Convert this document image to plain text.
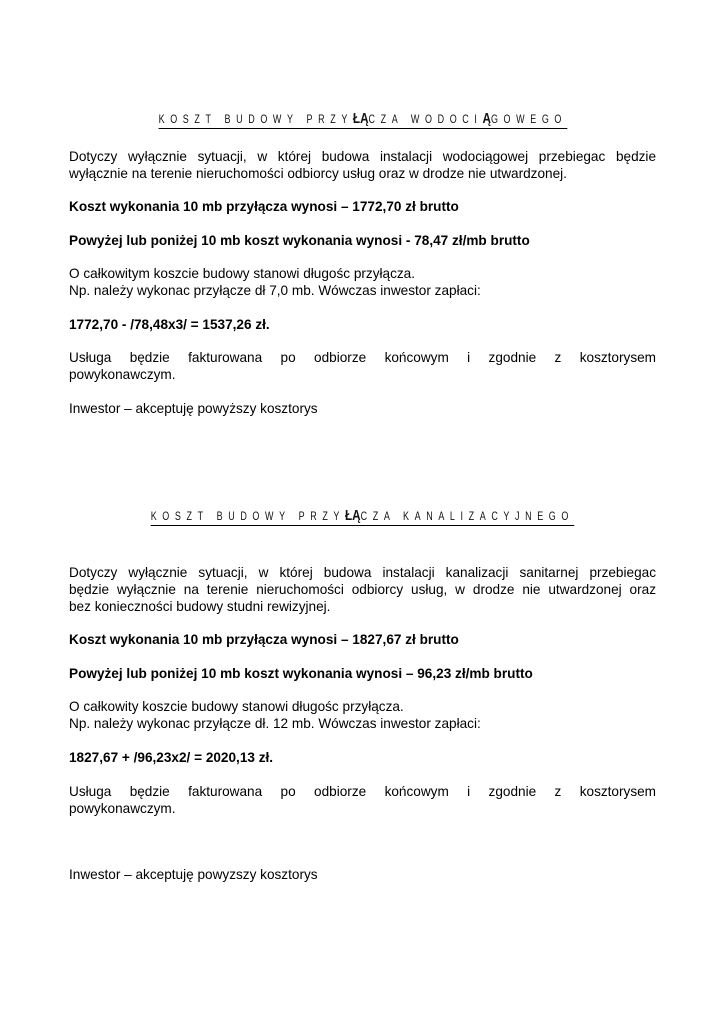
KOSZT BUDOWY PRZYŁĄCZA WODOCIĄGOWEGO
Dotyczy wyłącznie sytuacji, w której budowa instalacji wodociągowej przebiegac będzie
wyłącznie na terenie nieruchomości odbiorcy usług oraz w drodze nie utwardzonej.
Koszt wykonania 10 mb przyłącza wynosi – 1772,70 zł brutto
Powyżej lub poniżej 10 mb koszt wykonania wynosi - 78,47 zł/mb brutto
O całkowitym koszcie budowy stanowi długośc przyłącza.
Np. należy wykonac przyłącze dł 7,0 mb. Wówczas inwestor zapłaci:
1772,70 - /78,48x3/ = 1537,26 zł.
Usługa będzie fakturowana po odbiorze końcowym i zgodnie z kosztorysem
powykonawczym.
Inwestor – akceptuję powyższy kosztorys
KOSZT BUDOWY PRZYŁĄCZA KANALIZACYJNEGO
Dotyczy wyłącznie sytuacji, w której budowa instalacji kanalizacji sanitarnej przebiegac
będzie wyłącznie na terenie nieruchomości odbiorcy usług, w drodze nie utwardzonej oraz
bez konieczności budowy studni rewizyjnej.
Koszt wykonania 10 mb przyłącza wynosi – 1827,67 zł brutto
Powyżej lub poniżej 10 mb koszt wykonania wynosi – 96,23 zł/mb brutto
O całkowity koszcie budowy stanowi długośc przyłącza.
Np. należy wykonac przyłącze dł. 12 mb. Wówczas inwestor zapłaci:
1827,67 + /96,23x2/ = 2020,13 zł.
Usługa będzie fakturowana po odbiorze końcowym i zgodnie z kosztorysem
powykonawczym.
Inwestor – akceptuję powyzszy kosztorys
